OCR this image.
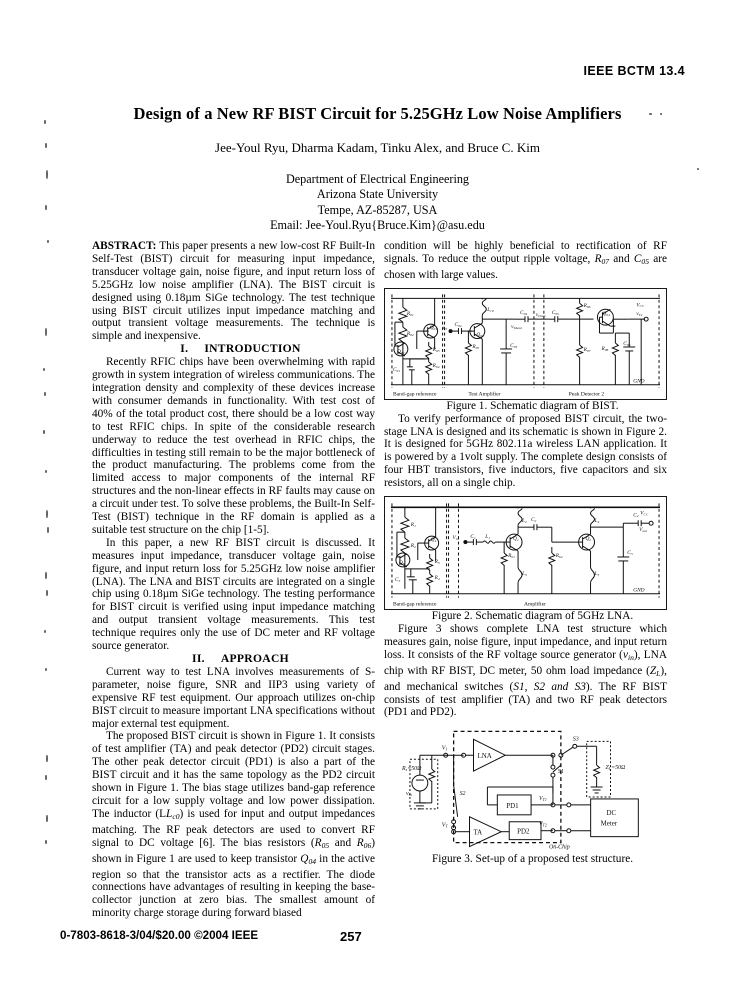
IEEE BCTM 13.4
Design of a New RF BIST Circuit for 5.25GHz Low Noise Amplifiers
Jee-Youl Ryu, Dharma Kadam, Tinku Alex, and Bruce C. Kim
Department of Electrical Engineering
Arizona State University
Tempe, AZ-85287, USA
Email: Jee-Youl.Ryu{Bruce.Kim}@asu.edu

ABSTRACT: This paper presents a new low-cost RF Built-In Self-Test (BIST) circuit for measuring input impedance, transducer voltage gain, noise figure, and input return loss of 5.25GHz low noise amplifier (LNA). The BIST circuit is designed using 0.18µm SiGe technology. The test technique using BIST circuit utilizes input impedance matching and output transient voltage measurements. The technique is simple and inexpensive.

I. INTRODUCTION

Recently RFIC chips have been overwhelming with rapid growth in system integration of wireless communications. The integration density and complexity of these devices increase with consumer demands in functionality. With test cost of 40% of the total product cost, there should be a low cost way to test RFIC chips. In spite of the considerable research underway to reduce the test overhead in RFIC chips, the difficulties in testing still remain to be the major bottleneck of the product manufacturing. The problems come from the limited access to major components of the internal RF structures and the non-linear effects in RF faults may cause on a circuit under test. To solve these problems, the Built-In Self-Test (BIST) technique in the RF domain is applied as a suitable test structure on the chip [1-5].

In this paper, a new RF BIST circuit is discussed. It measures input impedance, transducer voltage gain, noise figure, and input return loss for 5.25GHz low noise amplifier (LNA). The LNA and BIST circuits are integrated on a single chip using 0.18µm SiGe technology. The testing performance for BIST circuit is verified using input impedance matching and output transient voltage measurements. This test technique requires only the use of DC meter and RF voltage source generator.

II. APPROACH

Current way to test LNA involves measurements of S-parameter, noise figure, SNR and IIP3 using variety of expensive RF test equipment. Our approach utilizes on-chip BIST circuit to measure important LNA specifications without major external test equipment.

The proposed BIST circuit is shown in Figure 1. It consists of test amplifier (TA) and peak detector (PD2) circuit stages. The other peak detector circuit (PD1) is also a part of the BIST circuit and it has the same topology as the PD2 circuit shown in Figure 1. The bias stage utilizes band-gap reference circuit for a low supply voltage and low power dissipation. The inductor $(LL_{c0})$ is used for input and output impedances matching. The RF peak detectors are used to convert RF signal to DC voltage [6]. The bias resistors ($R_{05}$ and $R_{06}$) shown in Figure 1 are used to keep transistor $Q_{04}$ in the active region so that the transistor acts as a rectifier. The diode connections have advantages of resulting in keeping the base-collector junction at zero bias. The smallest amount of minority charge storage during forward biased

condition will be highly beneficial to rectification of RF signals. To reduce the output ripple voltage, $R_{07}$ and $C_{05}$ are chosen with large values.

R01
R02
R03
R04
C01
Q02
Q01 vT
C02
R05
Q03
Lc0
C03
C04
vTAout
vDout C05
R06
R07
Q04
R08
C06
vT2
VCC
GND
Band-gap reference	Test Amplifier	Peak Detector 2

Figure 1. Schematic diagram of BIST.

To verify performance of proposed BIST circuit, the two-stage LNA is designed and its schematic is shown in Figure 2. It is designed for 5GHz 802.11a wireless LAN application. It is powered by a 1volt supply. The complete design consists of four HBT transistors, five inductors, five capacitors and six resistors, all on a single chip.

R1
R2
R3
R4
C5
Q3
Q4	Vin C1 L1
Rb1
Q1
L2
L3
C2
Rb2
Q2
L4
L5
C3
C4
Vout
VCC
GND
Band-gap reference	Amplifier

Figure 2. Schematic diagram of 5GHz LNA.

Figure 3 shows complete LNA test structure which measures gain, noise figure, input impedance, and input return loss. It consists of the RF voltage source generator $(v_{in})$, LNA chip with RF BIST, DC meter, 50 ohm load impedance $(Z_L)$, and mechanical switches (S1, S2 and S3). The RF BIST consists of test amplifier (TA) and two RF peak detectors (PD1 and PD2).

Rs=50Ω
vin
V1
VT
S2
S1
S3
ZL=50Ω
VT1
VT2
On-Chip
LNA
TA
PD1
PD2
DC
Meter

Figure 3. Set-up of a proposed test structure.

0-7803-8618-3/04/$20.00 ©2004 IEEE	257
